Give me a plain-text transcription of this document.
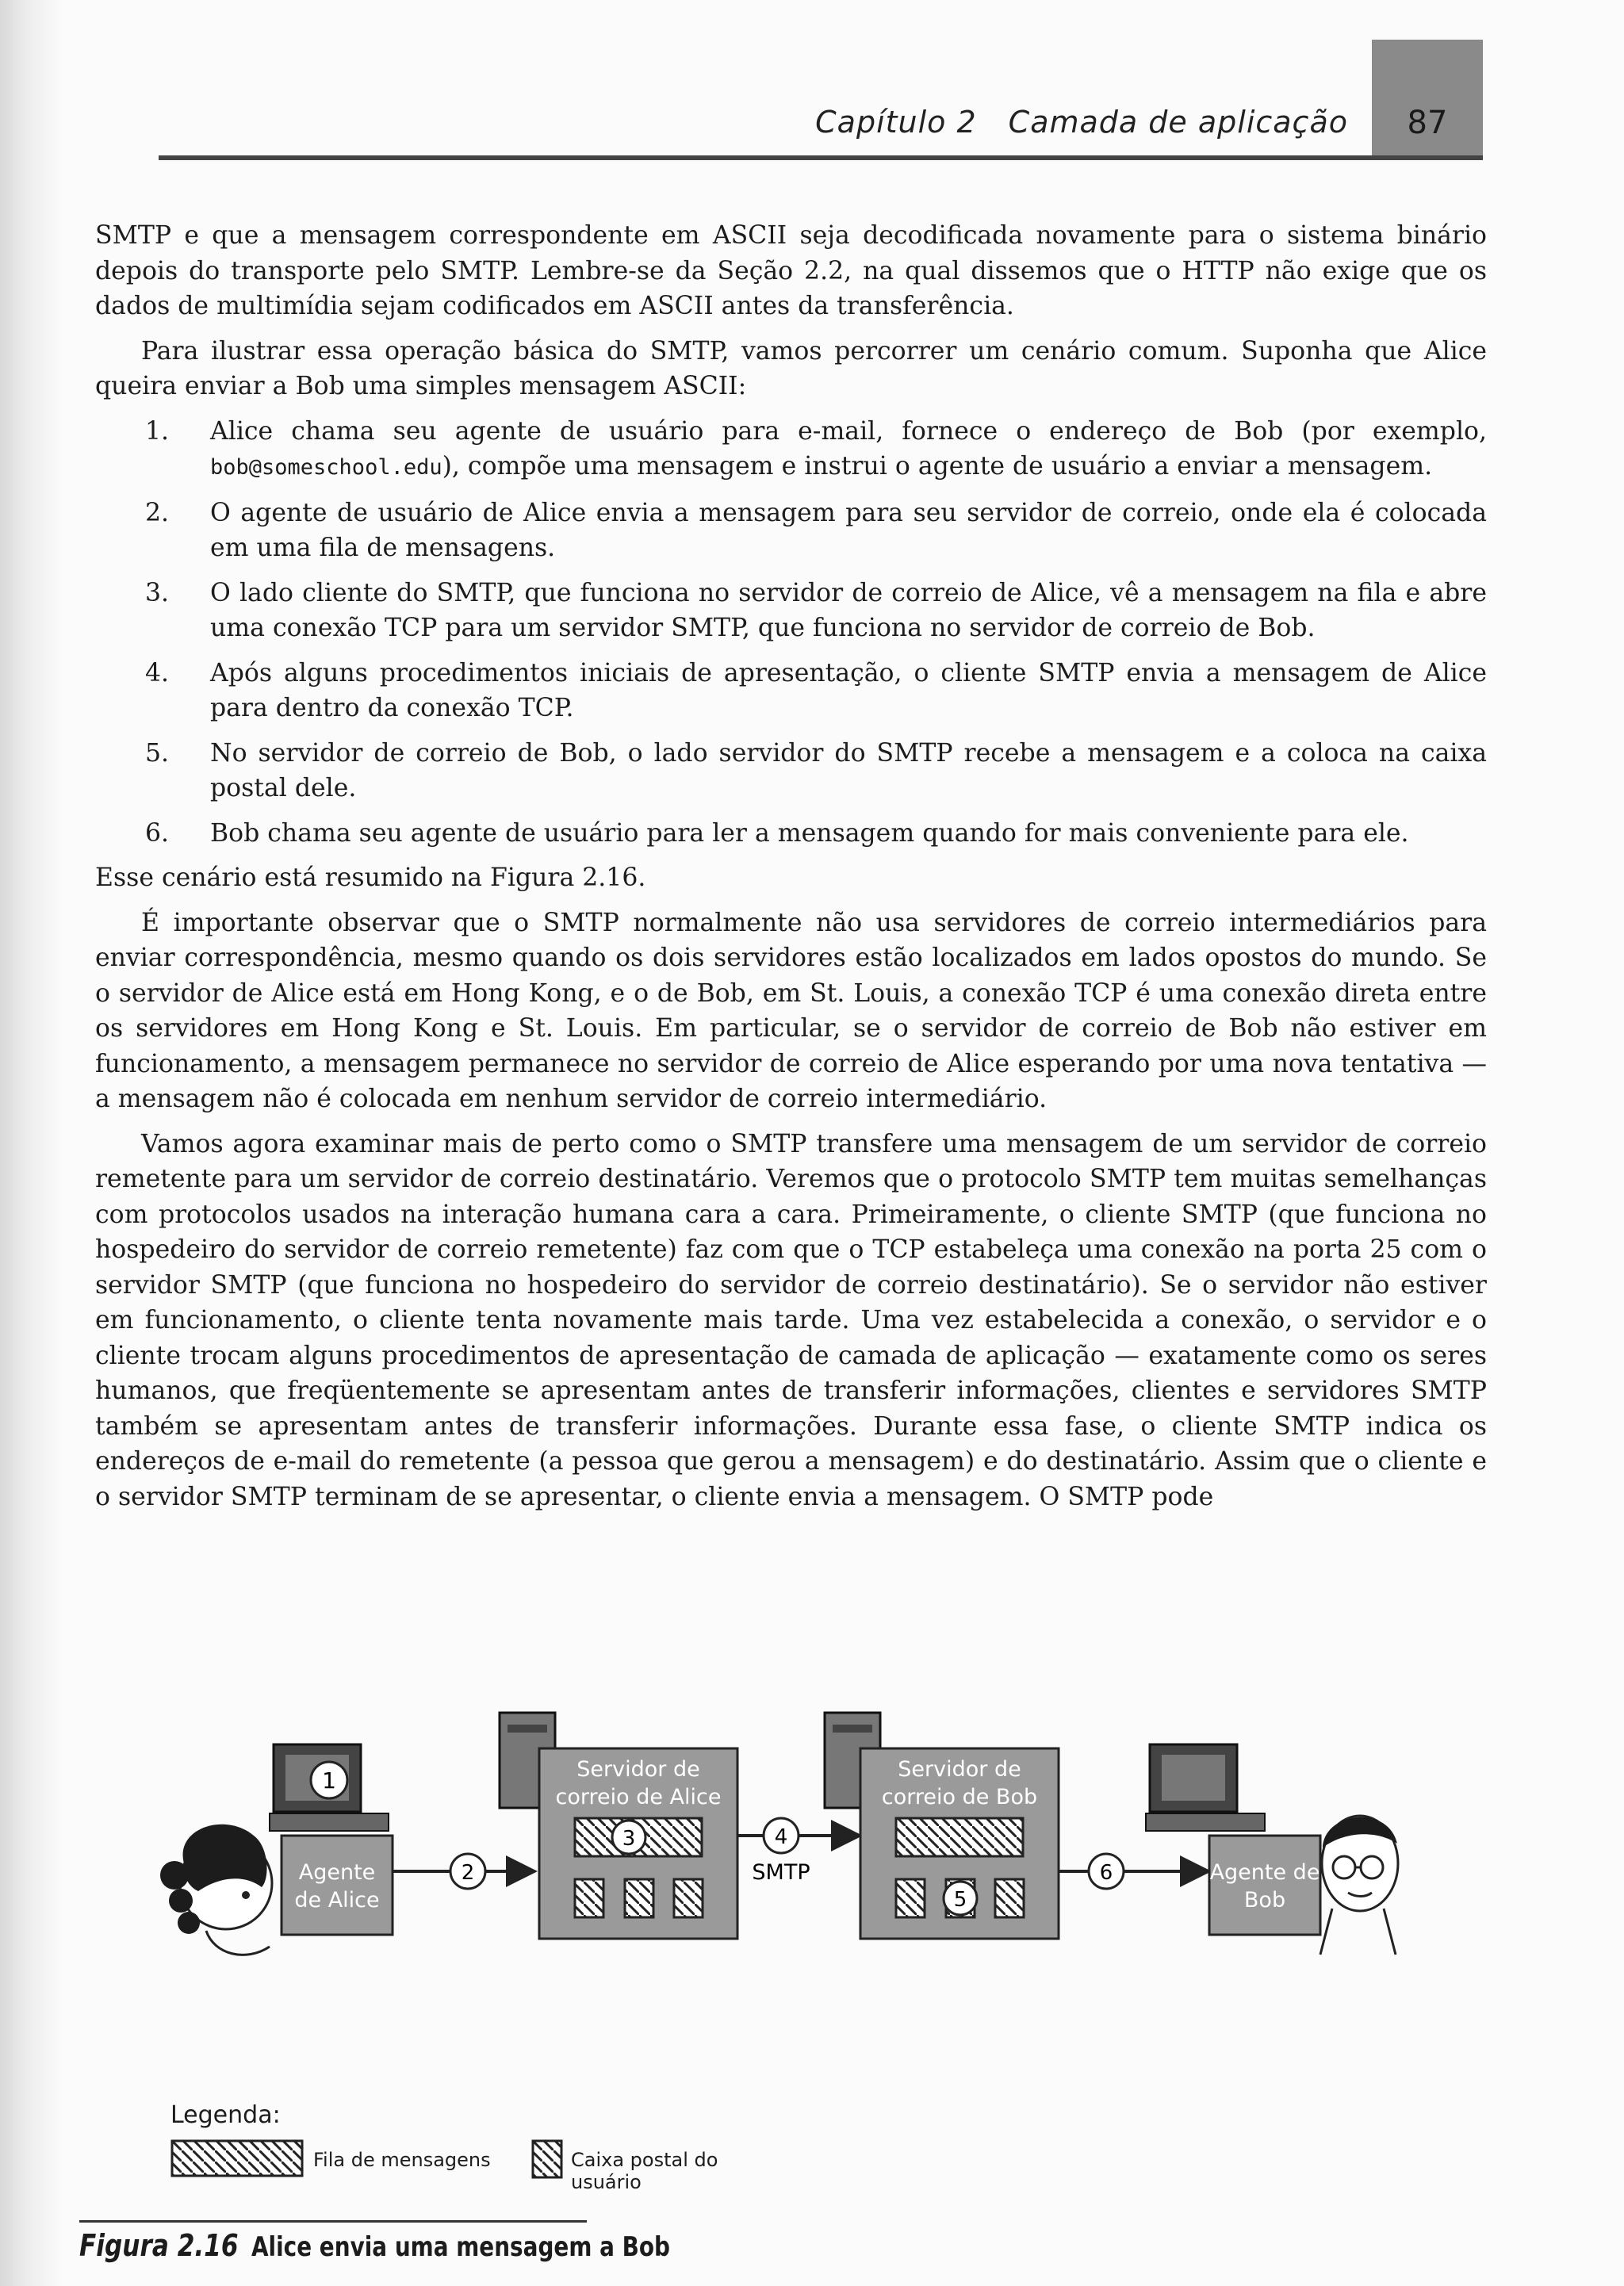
Capítulo 2 Camada de aplicação 87

SMTP e que a mensagem correspondente em ASCII seja decodificada novamente para o sistema binário depois do transporte pelo SMTP. Lembre-se da Seção 2.2, na qual dissemos que o HTTP não exige que os dados de multimídia sejam codificados em ASCII antes da transferência.

Para ilustrar essa operação básica do SMTP, vamos percorrer um cenário comum. Suponha que Alice queira enviar a Bob uma simples mensagem ASCII:

1. Alice chama seu agente de usuário para e-mail, fornece o endereço de Bob (por exemplo, bob@someschool.edu), compõe uma mensagem e instrui o agente de usuário a enviar a mensagem.
2. O agente de usuário de Alice envia a mensagem para seu servidor de correio, onde ela é colocada em uma fila de mensagens.
3. O lado cliente do SMTP, que funciona no servidor de correio de Alice, vê a mensagem na fila e abre uma conexão TCP para um servidor SMTP, que funciona no servidor de correio de Bob.
4. Após alguns procedimentos iniciais de apresentação, o cliente SMTP envia a mensagem de Alice para dentro da conexão TCP.
5. No servidor de correio de Bob, o lado servidor do SMTP recebe a mensagem e a coloca na caixa postal dele.
6. Bob chama seu agente de usuário para ler a mensagem quando for mais conveniente para ele.

Esse cenário está resumido na Figura 2.16.

É importante observar que o SMTP normalmente não usa servidores de correio intermediários para enviar correspondência, mesmo quando os dois servidores estão localizados em lados opostos do mundo. Se o servidor de Alice está em Hong Kong, e o de Bob, em St. Louis, a conexão TCP é uma conexão direta entre os servidores em Hong Kong e St. Louis. Em particular, se o servidor de correio de Bob não estiver em funcionamento, a mensagem permanece no servidor de correio de Alice esperando por uma nova tentativa — a mensagem não é colocada em nenhum servidor de correio intermediário.

Vamos agora examinar mais de perto como o SMTP transfere uma mensagem de um servidor de correio remetente para um servidor de correio destinatário. Veremos que o protocolo SMTP tem muitas semelhanças com protocolos usados na interação humana cara a cara. Primeiramente, o cliente SMTP (que funciona no hospedeiro do servidor de correio remetente) faz com que o TCP estabeleça uma conexão na porta 25 com o servidor SMTP (que funciona no hospedeiro do servidor de correio destinatário). Se o servidor não estiver em funcionamento, o cliente tenta novamente mais tarde. Uma vez estabelecida a conexão, o servidor e o cliente trocam alguns procedimentos de apresentação de camada de aplicação — exatamente como os seres humanos, que freqüentemente se apresentam antes de transferir informações, clientes e servidores SMTP também se apresentam antes de transferir informações. Durante essa fase, o cliente SMTP indica os endereços de e-mail do remetente (a pessoa que gerou a mensagem) e do destinatário. Assim que o cliente e o servidor SMTP terminam de se apresentar, o cliente envia a mensagem. O SMTP pode

1
Agente
de Alice
2
Servidor de
correio de Alice
3	4
SMTP
Servidor de
correio de Bob
5
6	Agente de
Bob
Legenda:
Fila de mensagens	Caixa postal do usuário
Figura 2.16 Alice envia uma mensagem a Bob
